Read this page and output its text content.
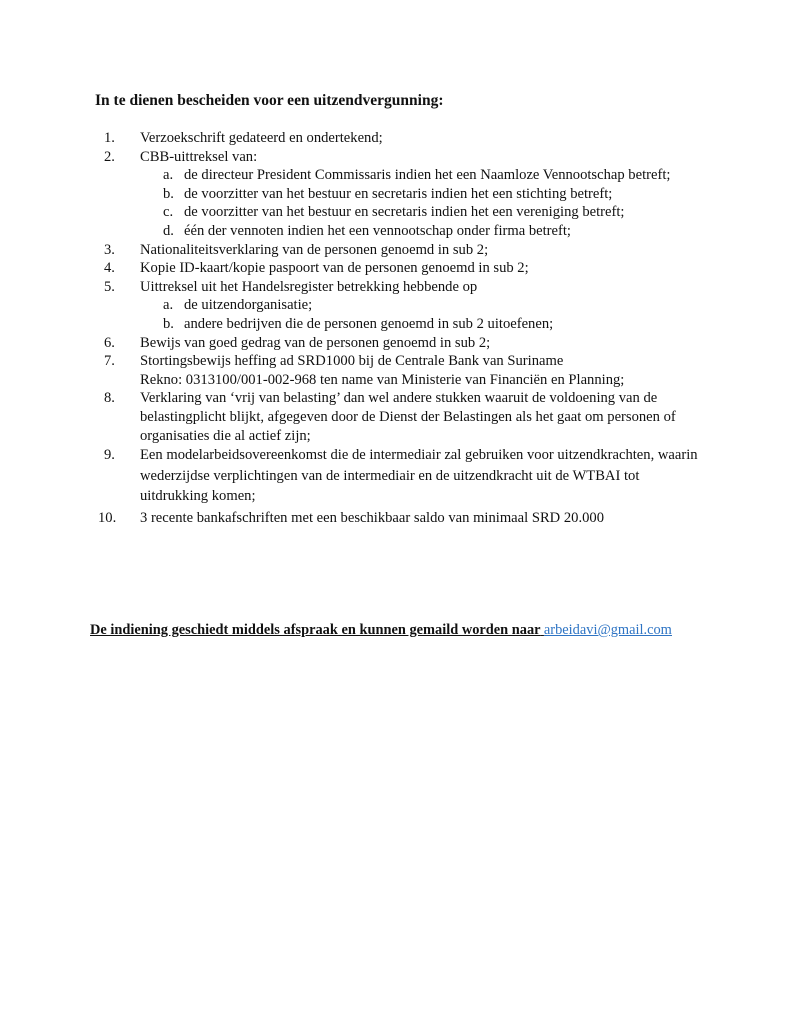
In te dienen bescheiden voor een uitzendvergunning:
1. Verzoekschrift gedateerd en ondertekend;
2. CBB-uittreksel van:
a. de directeur President Commissaris indien het een Naamloze Vennootschap betreft;
b. de voorzitter van het bestuur en secretaris indien het een stichting betreft;
c. de voorzitter van het bestuur en secretaris indien het een vereniging betreft;
d. één der vennoten indien het een vennootschap onder firma betreft;
3. Nationaliteitsverklaring van de personen genoemd in sub 2;
4. Kopie ID-kaart/kopie paspoort van de personen genoemd in sub 2;
5. Uittreksel uit het Handelsregister betrekking hebbende op
a. de uitzendorganisatie;
b. andere bedrijven die de personen genoemd in sub 2 uitoefenen;
6. Bewijs van goed gedrag van de personen genoemd in sub 2;
7. Stortingsbewijs heffing ad SRD1000 bij de Centrale Bank van Suriname
Rekno: 0313100/001-002-968 ten name van Ministerie van Financiën en Planning;
8. Verklaring van ‘vrij van belasting’ dan wel andere stukken waaruit de voldoening van de belastingplicht blijkt, afgegeven door de Dienst der Belastingen als het gaat om personen of organisaties die al actief zijn;
9. Een modelarbeidsovereenkomst die de intermediair zal gebruiken voor uitzendkrachten, waarin wederzijdse verplichtingen van de intermediair en de uitzendkracht uit de WTBAI tot uitdrukking komen;
10. 3 recente bankafschriften met een beschikbaar saldo van minimaal SRD 20.000
De indiening geschiedt middels afspraak en kunnen gemaild worden naar arbeidavi@gmail.com
